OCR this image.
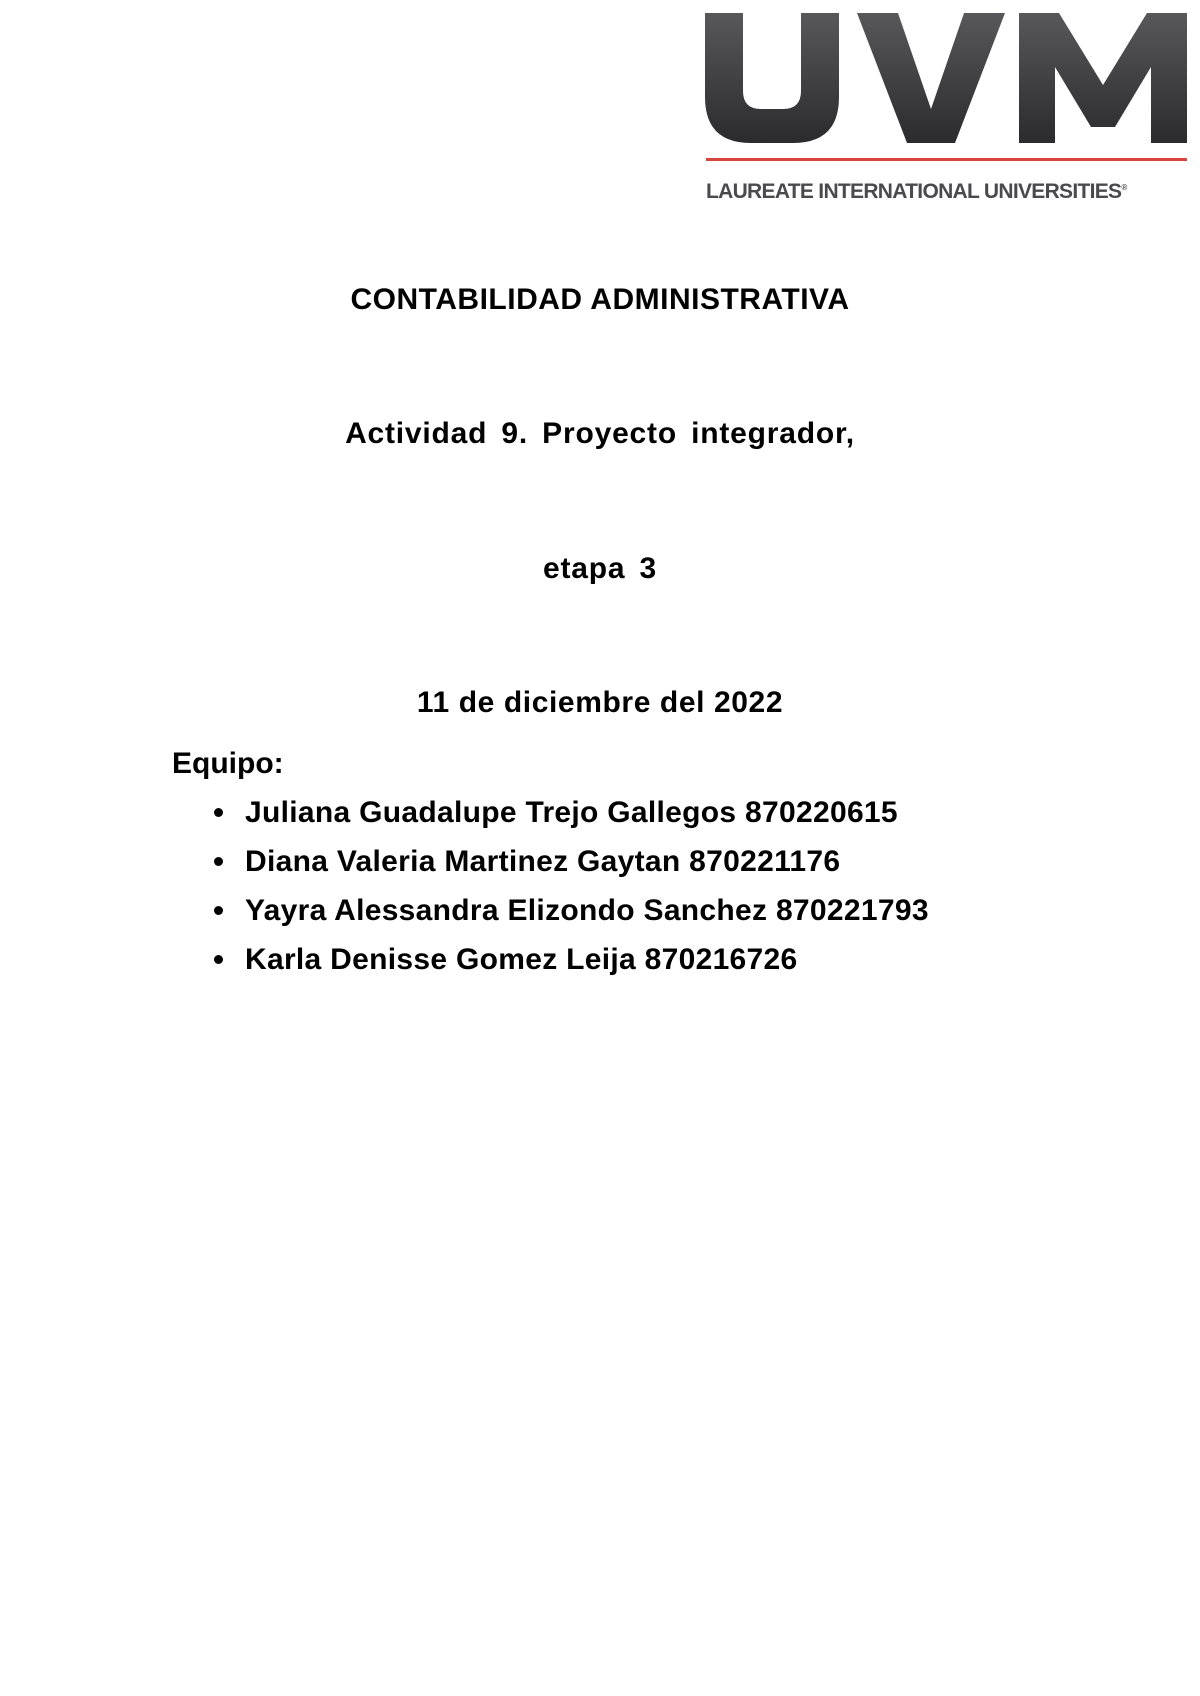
LAUREATE INTERNATIONAL UNIVERSITIES®
CONTABILIDAD ADMINISTRATIVA
Actividad 9. Proyecto integrador,
etapa 3
11 de diciembre del 2022
Equipo:
Juliana Guadalupe Trejo Gallegos 870220615
Diana Valeria Martinez Gaytan 870221176
Yayra Alessandra Elizondo Sanchez 870221793
Karla Denisse Gomez Leija 870216726
